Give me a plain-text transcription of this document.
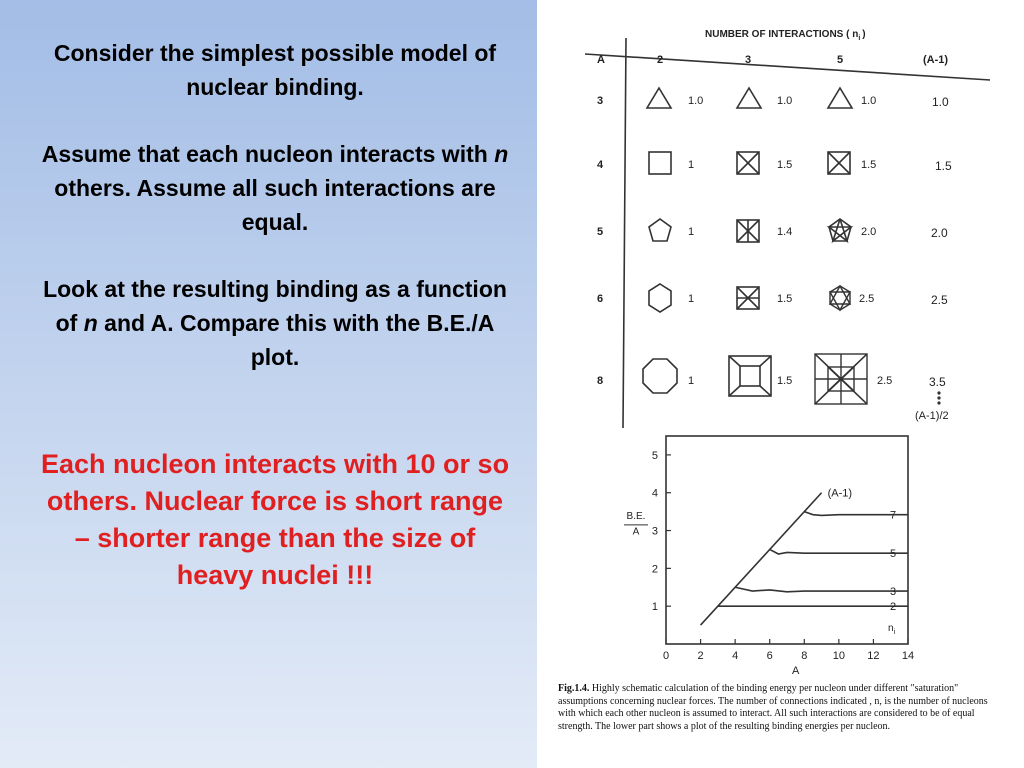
Consider the simplest possible model of nuclear binding.

Assume that each nucleon interacts with n others. Assume all such interactions are equal.

Look at the resulting binding as a function of n and A. Compare this with the B.E./A plot.

Each nucleon interacts with 10 or so others. Nuclear force is short range – shorter range than the size of heavy nuclei !!!

NUMBER OF INTERACTIONS ( $n_i$ )
A	2	3	5	(A-1)
3	1.0	1.0	1.0	1.0
4	1	1.5	1.5	1.5
5	1	1.4	2.0	2.0
6	1	1.5	2.5	2.5
8	1	1.5	2.5	3.5
(A-1)/2
0	2	4	6	8 10 12 14
1
2
3
4
5
A
B.E.
A
(A-1)
7
5
3
2
$n_i$

Fig.1.4. Highly schematic calculation of the binding energy per nucleon under different "saturation" assumptions concerning nuclear forces. The number of connections indicated , n, is the number of nucleons with which each other nucleon is assumed to interact. All such interactions are considered to be of equal strength. The lower part shows a plot of the resulting binding energies per nucleon.
